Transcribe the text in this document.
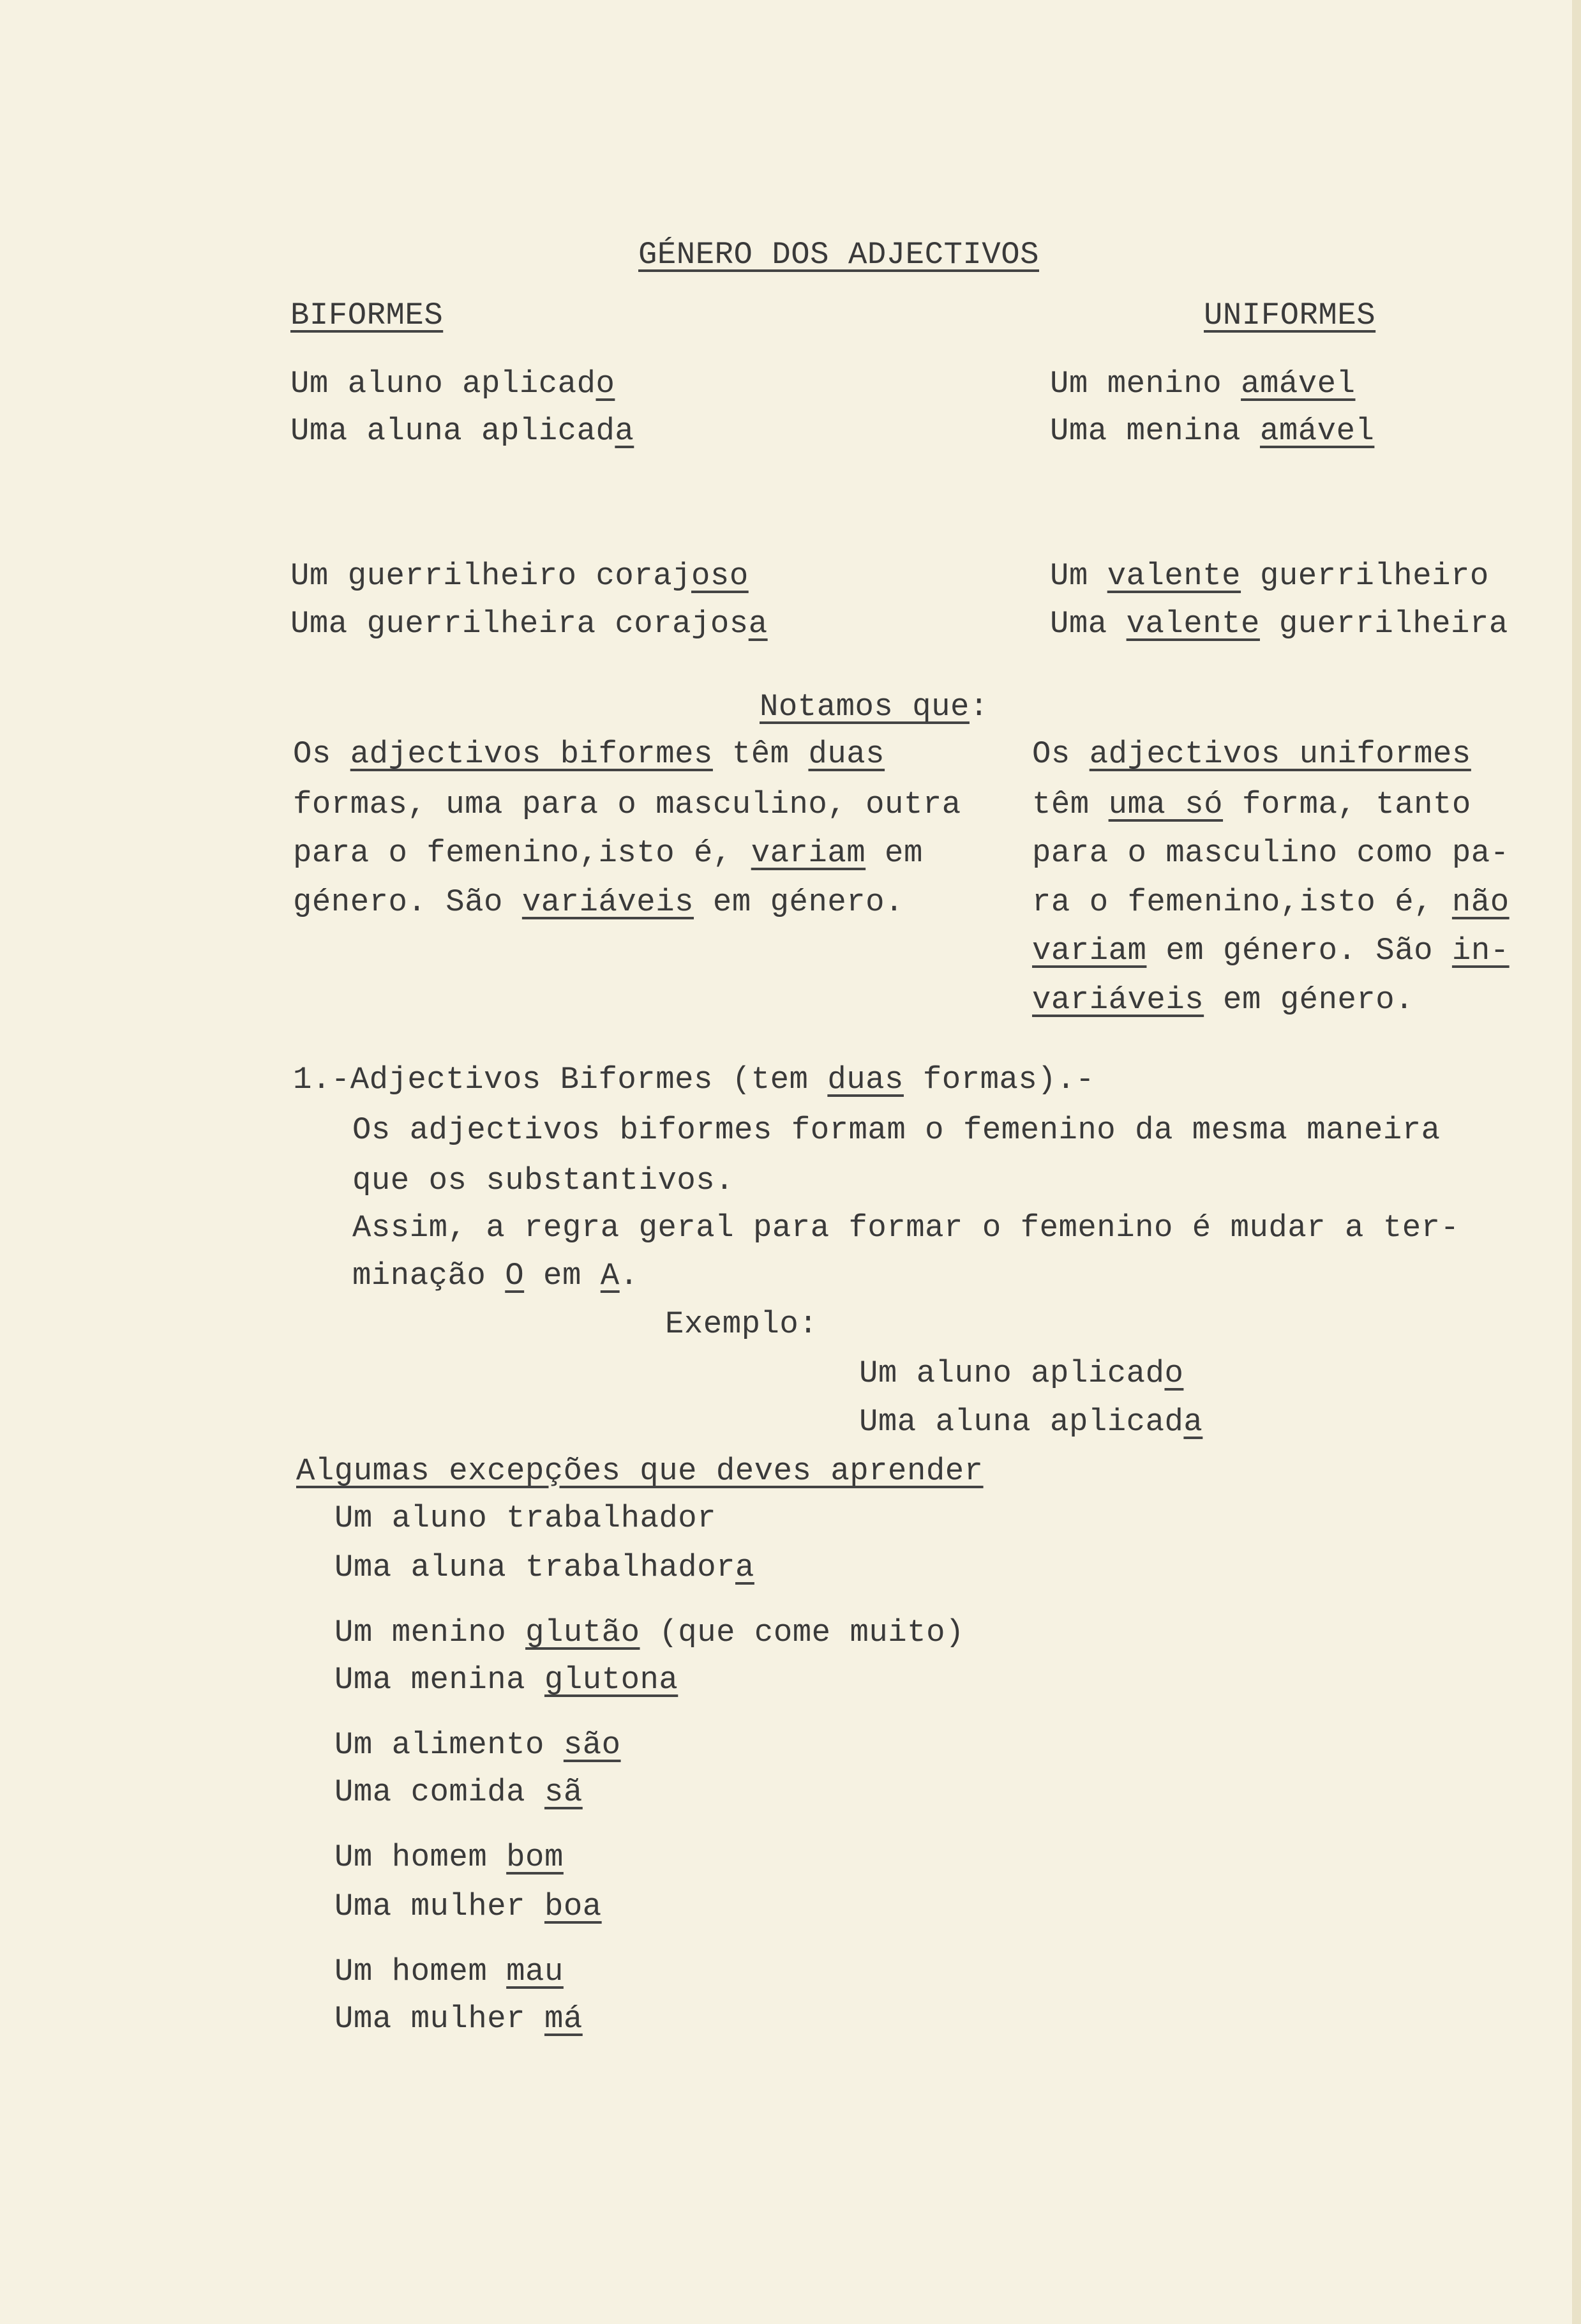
GÉNERO DOS ADJECTIVOS
BIFORMES	UNIFORMES
Um aluno aplicado
Uma aluna aplicada
Um menino amável
Uma menina amável
Um guerrilheiro corajoso
Uma guerrilheira corajosa
Um valente guerrilheiro
Uma valente guerrilheira
Notamos que:
Os adjectivos biformes têm duas
formas, uma para o masculino, outra
para o femenino,isto é, variam em
género. São variáveis em género.
Os adjectivos uniformes
têm uma só forma, tanto
para o masculino como pa-
ra o femenino,isto é, não
variam em género. São in-
variáveis em género.
1.-Adjectivos Biformes (tem duas formas).-
Os adjectivos biformes formam o femenino da mesma maneira
que os substantivos.
Assim, a regra geral para formar o femenino é mudar a ter-
minação O em A.
Exemplo:
Um aluno aplicado
Uma aluna aplicada
Algumas excepções que deves aprender
Um aluno trabalhador
Uma aluna trabalhadora
Um menino glutão (que come muito)
Uma menina glutona
Um alimento são
Uma comida sã
Um homem bom
Uma mulher boa
Um homem mau
Uma mulher má
